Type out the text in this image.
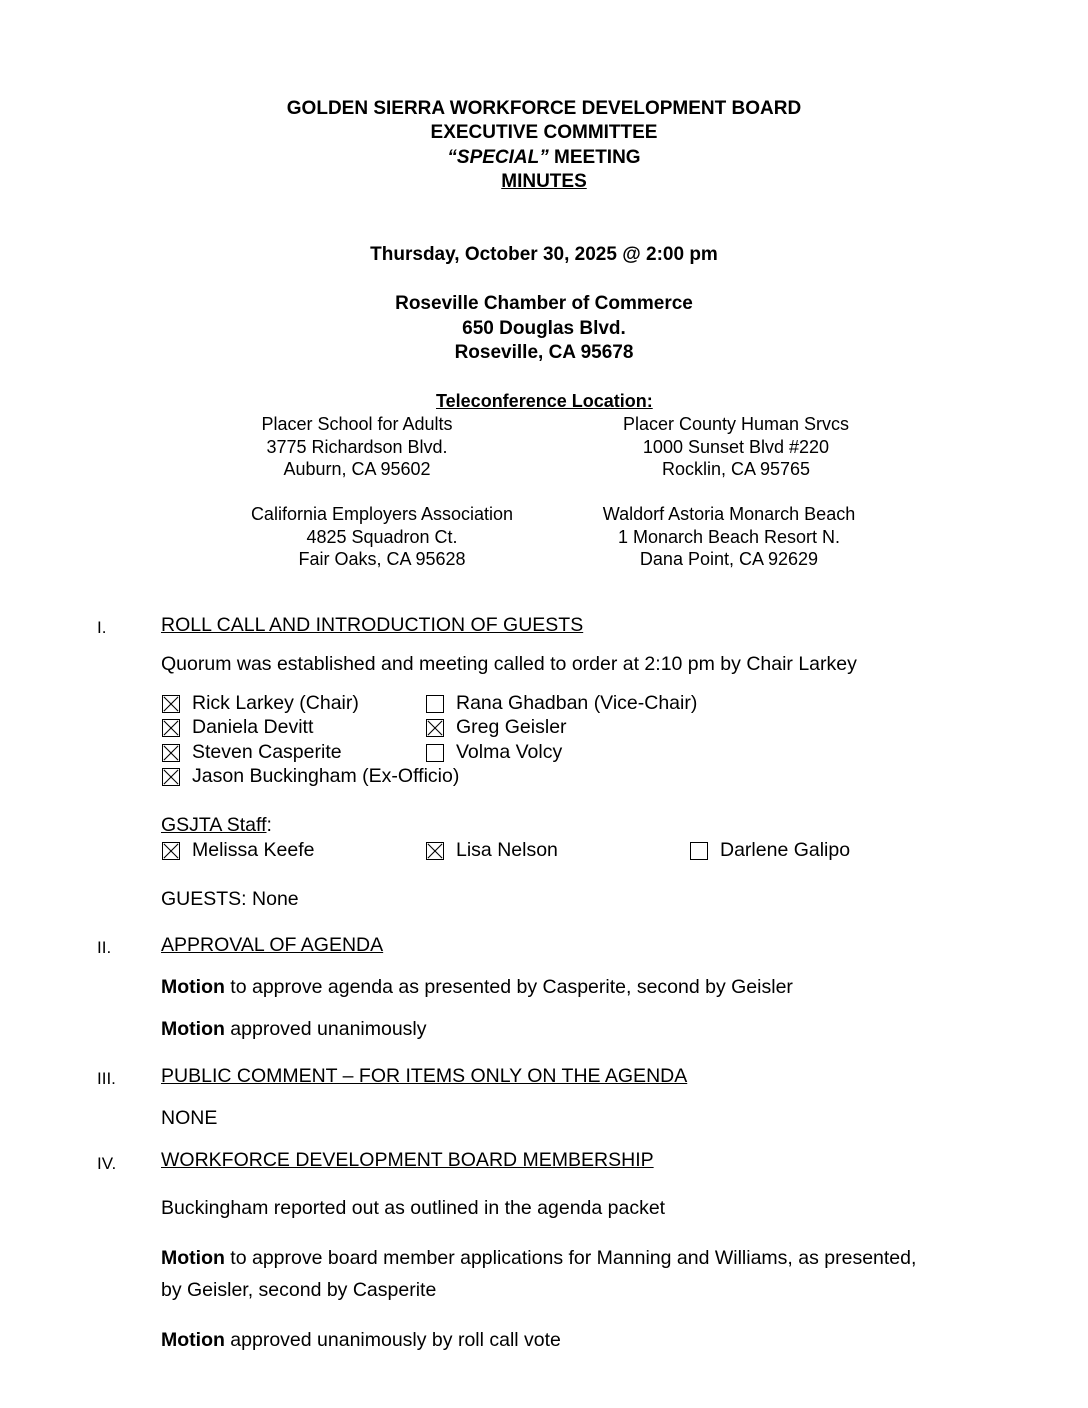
GOLDEN SIERRA WORKFORCE DEVELOPMENT BOARD
EXECUTIVE COMMITTEE
“SPECIAL” MEETING
MINUTES
Thursday, October 30, 2025 @ 2:00 pm
Roseville Chamber of Commerce
650 Douglas Blvd.
Roseville, CA 95678
Teleconference Location:
Placer School for Adults
3775 Richardson Blvd.
Auburn, CA 95602
Placer County Human Srvcs
1000 Sunset Blvd #220
Rocklin, CA 95765
California Employers Association
4825 Squadron Ct.
Fair Oaks, CA 95628
Waldorf Astoria Monarch Beach
1 Monarch Beach Resort N.
Dana Point, CA 92629
I.	ROLL CALL AND INTRODUCTION OF GUESTS
Quorum was established and meeting called to order at 2:10 pm by Chair Larkey
Rick Larkey (Chair)	Rana Ghadban (Vice-Chair)
Daniela Devitt	Greg Geisler
Steven Casperite	Volma Volcy
Jason Buckingham (Ex-Officio)
GSJTA Staff:
Melissa Keefe	Lisa Nelson	Darlene Galipo
GUESTS: None
II.	APPROVAL OF AGENDA
Motion to approve agenda as presented by Casperite, second by Geisler
Motion approved unanimously
III. PUBLIC COMMENT – FOR ITEMS ONLY ON THE AGENDA
NONE
IV. WORKFORCE DEVELOPMENT BOARD MEMBERSHIP
Buckingham reported out as outlined in the agenda packet
Motion to approve board member applications for Manning and Williams, as presented,
by Geisler, second by Casperite
Motion approved unanimously by roll call vote
